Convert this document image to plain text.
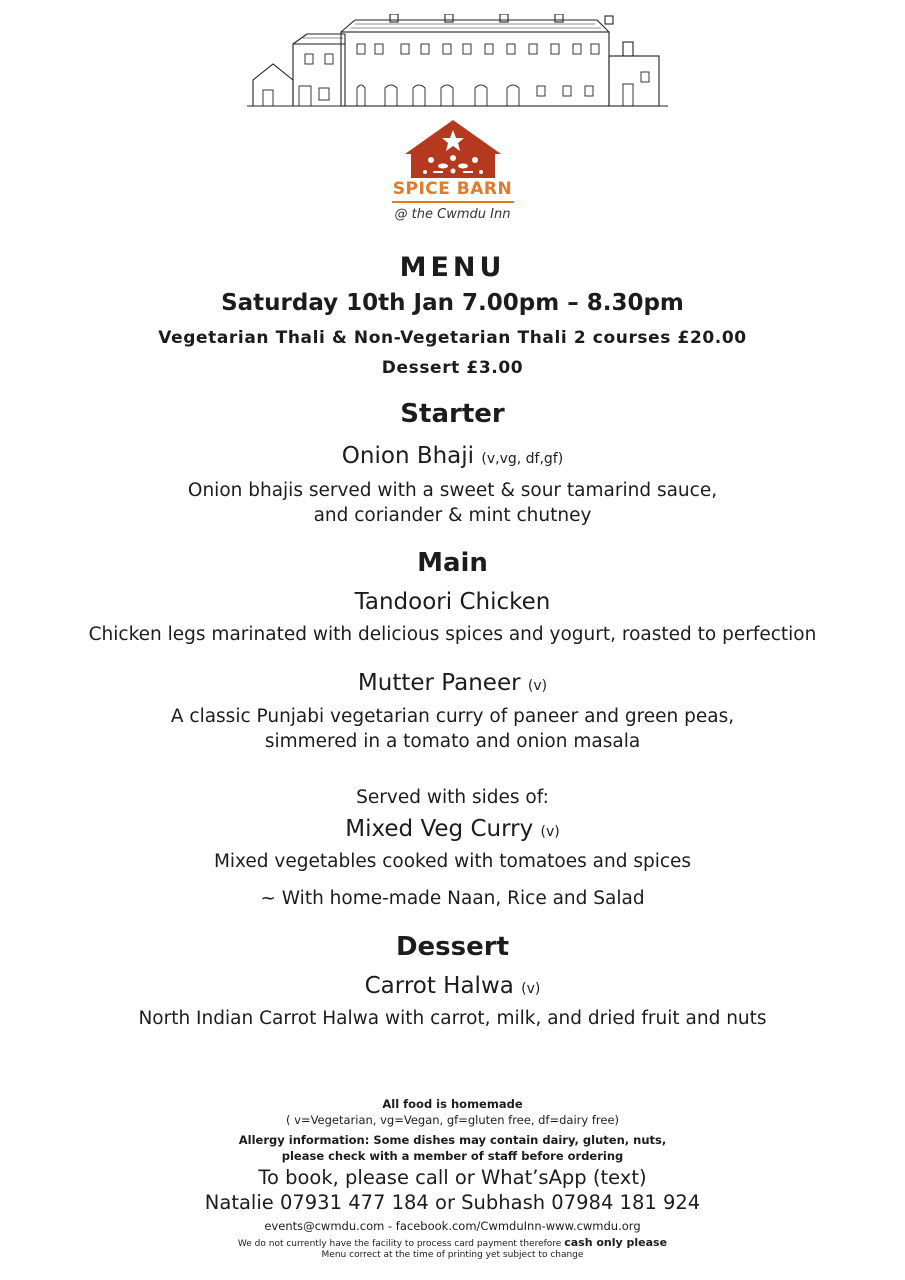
SPICE BARN
@ the Cwmdu Inn
MENU
Saturday 10th Jan 7.00pm – 8.30pm
Vegetarian Thali & Non-Vegetarian Thali 2 courses £20.00
Dessert £3.00
Starter
Onion Bhaji (v,vg, df,gf)
Onion bhajis served with a sweet & sour tamarind sauce,
and coriander & mint chutney
Main
Tandoori Chicken
Chicken legs marinated with delicious spices and yogurt, roasted to perfection
Mutter Paneer (v)
A classic Punjabi vegetarian curry of paneer and green peas,
simmered in a tomato and onion masala
Served with sides of:
Mixed Veg Curry (v)
Mixed vegetables cooked with tomatoes and spices
~ With home-made Naan, Rice and Salad
Dessert
Carrot Halwa (v)
North Indian Carrot Halwa with carrot, milk, and dried fruit and nuts
All food is homemade
( v=Vegetarian, vg=Vegan, gf=gluten free, df=dairy free)
Allergy information: Some dishes may contain dairy, gluten, nuts,
please check with a member of staff before ordering
To book, please call or What’sApp (text)
Natalie 07931 477 184 or Subhash 07984 181 924
events@cwmdu.com - facebook.com/CwmduInn-www.cwmdu.org
We do not currently have the facility to process card payment therefore cash only please
Menu correct at the time of printing yet subject to change
